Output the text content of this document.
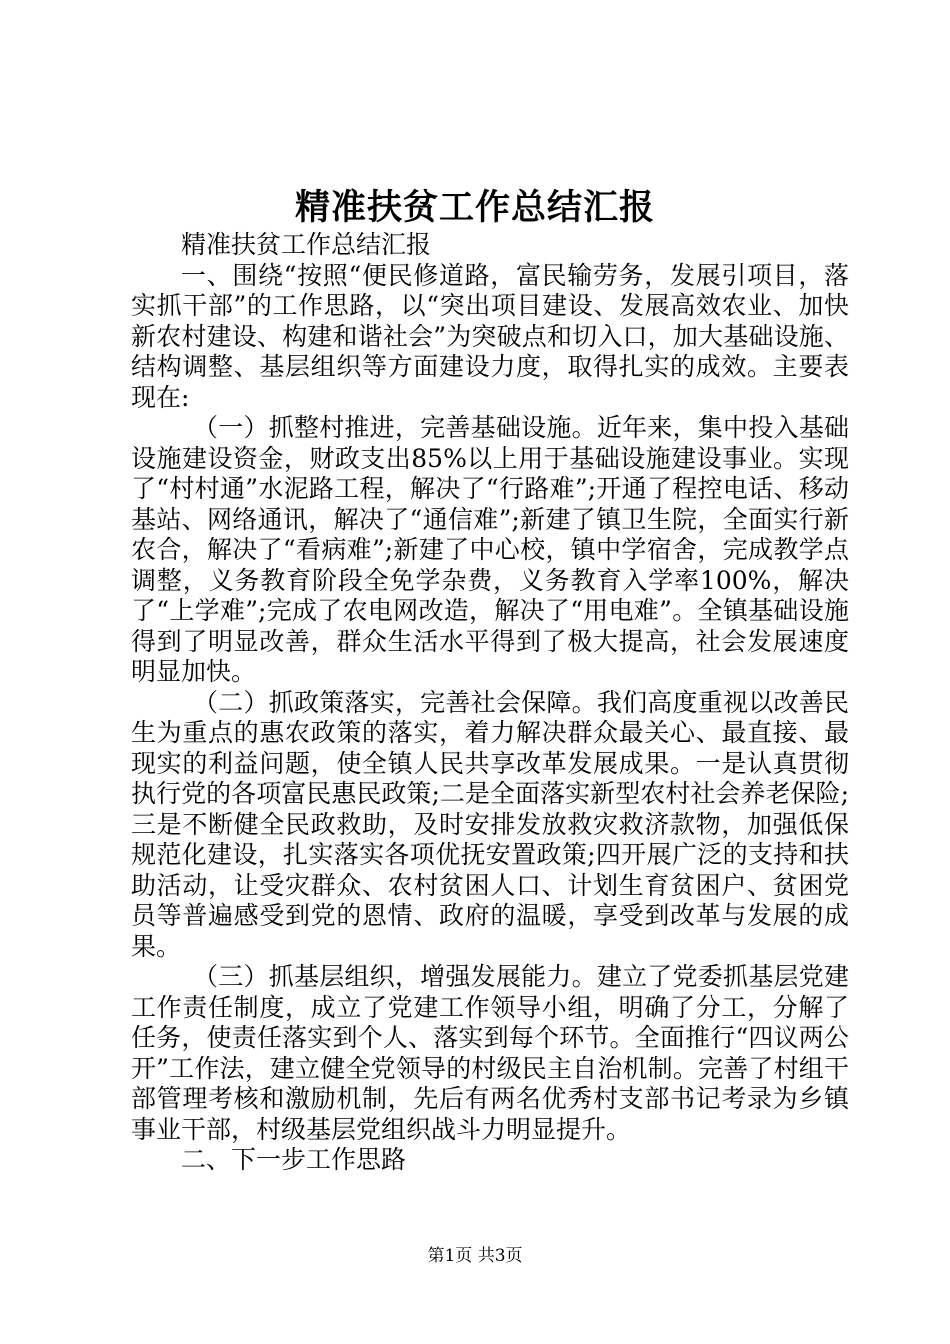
精准扶贫工作总结汇报

精准扶贫工作总结汇报

一、围绕“按照“便民修道路，富民输劳务，发展引项目，落实抓干部”的工作思路，以“突出项目建设、发展高效农业、加快新农村建设、构建和谐社会”为突破点和切入口，加大基础设施、结构调整、基层组织等方面建设力度，取得扎实的成效。主要表现在:

（一）抓整村推进，完善基础设施。近年来，集中投入基础设施建设资金，财政支出85%以上用于基础设施建设事业。实现了“村村通”水泥路工程，解决了“行路难”;开通了程控电话、移动基站、网络通讯，解决了“通信难”;新建了镇卫生院，全面实行新农合，解决了“看病难”;新建了中心校，镇中学宿舍，完成教学点调整，义务教育阶段全免学杂费，义务教育入学率100%，解决了“上学难”;完成了农电网改造，解决了“用电难”。全镇基础设施得到了明显改善，群众生活水平得到了极大提高，社会发展速度明显加快。

（二）抓政策落实，完善社会保障。我们高度重视以改善民生为重点的惠农政策的落实，着力解决群众最关心、最直接、最现实的利益问题，使全镇人民共享改革发展成果。一是认真贯彻执行党的各项富民惠民政策;二是全面落实新型农村社会养老保险;三是不断健全民政救助，及时安排发放救灾救济款物，加强低保规范化建设，扎实落实各项优抚安置政策;四开展广泛的支持和扶助活动，让受灾群众、农村贫困人口、计划生育贫困户、贫困党员等普遍感受到党的恩情、政府的温暖，享受到改革与发展的成果。

（三）抓基层组织，增强发展能力。建立了党委抓基层党建工作责任制度，成立了党建工作领导小组，明确了分工，分解了任务，使责任落实到个人、落实到每个环节。全面推行“四议两公开”工作法，建立健全党领导的村级民主自治机制。完善了村组干部管理考核和激励机制，先后有两名优秀村支部书记考录为乡镇事业干部，村级基层党组织战斗力明显提升。

二、下一步工作思路

第1页 共3页
